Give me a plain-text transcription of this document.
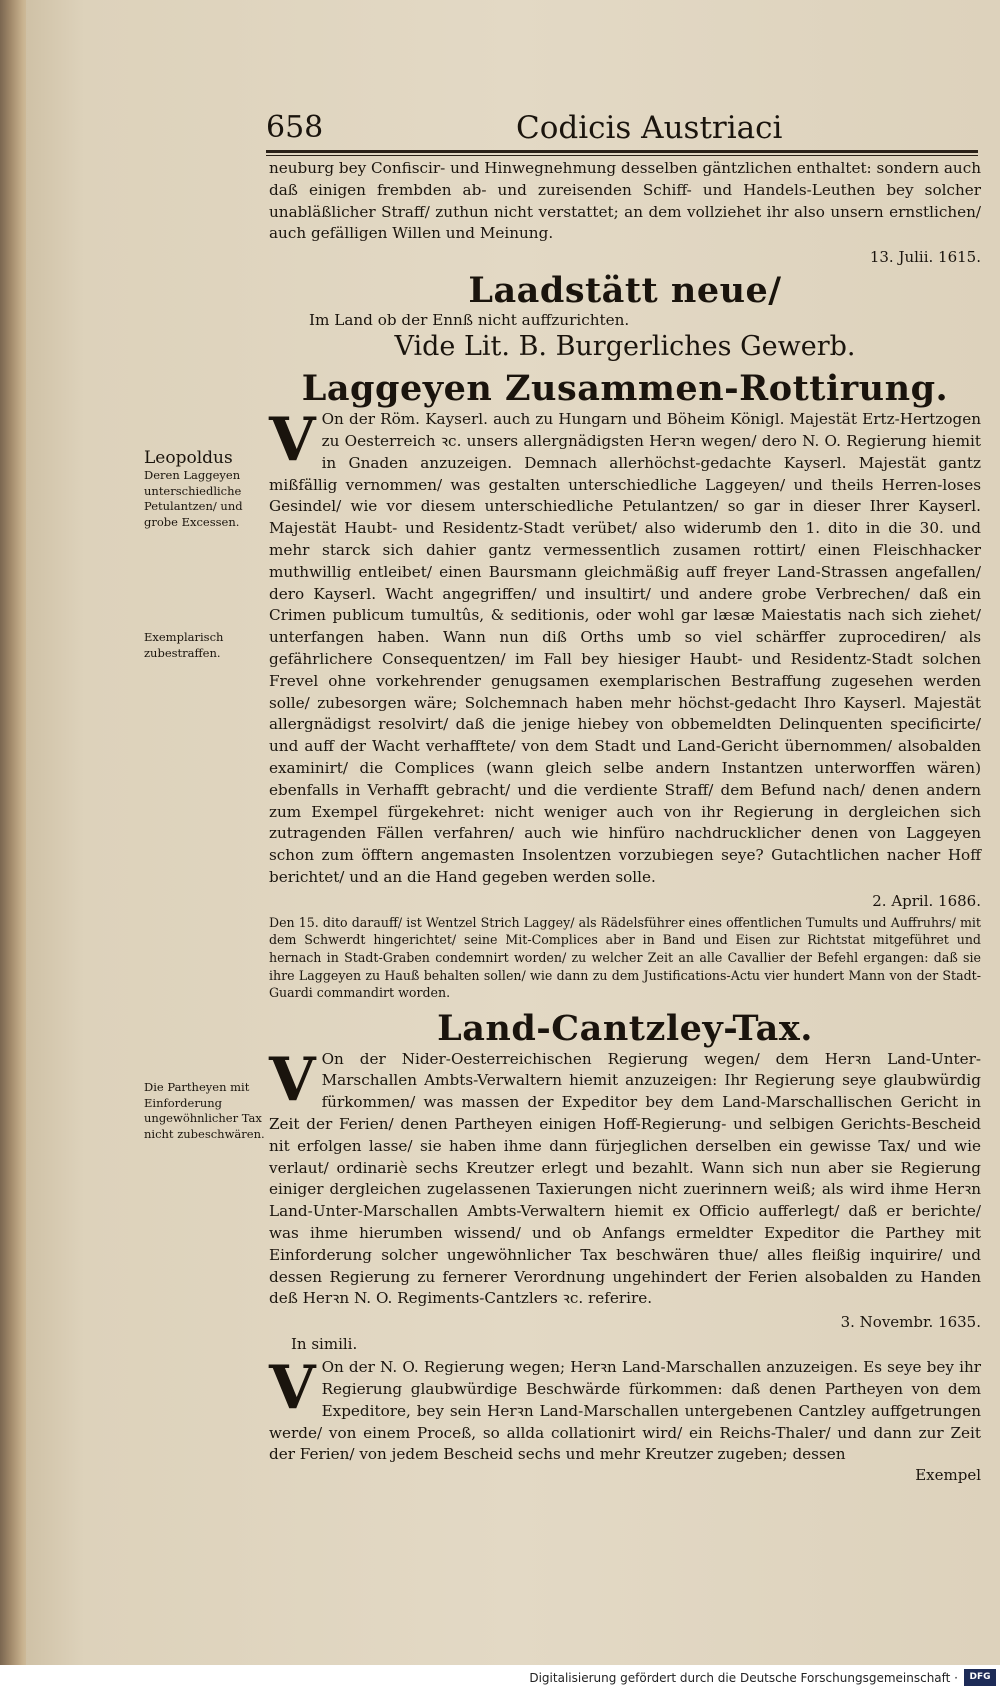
658	Codicis Austriaci
Leopoldus
Deren Laggeyen unterschiedliche Petulantzen/ und grobe Excessen.
Exemplarisch zubestraffen.
Die Partheyen mit Einforderung ungewöhnlicher Tax nicht zubeschwären.

neuburg bey Confiscir- und Hinwegnehmung desselben gäntzlichen enthaltet: sondern auch daß einigen frembden ab- und zureisenden Schiff- und Handels-Leuthen bey solcher unabläßlicher Straff/ zuthun nicht verstattet; an dem vollziehet ihr also unsern ernstlichen/ auch gefälligen Willen und Meinung.

13. Julii. 1615.

Laadstätt neue/

Im Land ob der Ennß nicht auffzurichten.

Vide Lit. B. Burgerliches Gewerb.

Laggeyen Zusammen-Rottirung.
V On der Röm. Kayserl. auch zu Hungarn und Böheim Königl. Majestät Ertz-Hertzogen zu Oesterreich ꝛc. unsers allergnädigsten Herꝛn wegen/ dero N. O. Regierung hiemit in Gnaden anzuzeigen. Demnach allerhöchst-gedachte Kayserl. Majestät gantz mißfällig vernommen/ was gestalten unterschiedliche Laggeyen/ und theils Herren-loses Gesindel/ wie vor diesem unterschiedliche Petulantzen/ so gar in dieser Ihrer Kayserl. Majestät Haubt- und Residentz-Stadt verübet/ also widerumb den 1. dito in die 30. und mehr starck sich dahier gantz vermessentlich zusamen rottirt/ einen Fleischhacker muthwillig entleibet/ einen Baursmann gleichmäßig auff freyer Land-Strassen angefallen/ dero Kayserl. Wacht angegriffen/ und insultirt/ und andere grobe Verbrechen/ daß ein Crimen publicum tumultûs, & seditionis, oder wohl gar læsæ Maiestatis nach sich ziehet/ unterfangen haben. Wann nun diß Orths umb so viel schärffer zuprocediren/ als gefährlichere Consequentzen/ im Fall bey hiesiger Haubt- und Residentz-Stadt solchen Frevel ohne vorkehrender genugsamen exemplarischen Bestraffung zugesehen werden solle/ zubesorgen wäre; Solchemnach haben mehr höchst-gedacht Ihro Kayserl. Majestät allergnädigst resolvirt/ daß die jenige hiebey von obbemeldten Delinquenten specificirte/ und auff der Wacht verhafftete/ von dem Stadt und Land-Gericht übernommen/ alsobalden examinirt/ die Complices (wann gleich selbe andern Instantzen unterworffen wären) ebenfalls in Verhafft gebracht/ und die verdiente Straff/ dem Befund nach/ denen andern zum Exempel fürgekehret: nicht weniger auch von ihr Regierung in dergleichen sich zutragenden Fällen verfahren/ auch wie hinfüro nachdrucklicher denen von Laggeyen schon zum öfftern angemasten Insolentzen vorzubiegen seye? Gutachtlichen nacher Hoff berichtet/ und an die Hand gegeben werden solle.

2. April. 1686.

Den 15. dito darauff/ ist Wentzel Strich Laggey/ als Rädelsführer eines offentlichen Tumults und Auffruhrs/ mit dem Schwerdt hingerichtet/ seine Mit-Complices aber in Band und Eisen zur Richtstat mitgeführet und hernach in Stadt-Graben condemnirt worden/ zu welcher Zeit an alle Cavallier der Befehl ergangen: daß sie ihre Laggeyen zu Hauß behalten sollen/ wie dann zu dem Justifications-Actu vier hundert Mann von der Stadt-Guardi commandirt worden.

Land-Cantzley-Tax.
V On der Nider-Oesterreichischen Regierung wegen/ dem Herꝛn Land-Unter-Marschallen Ambts-Verwaltern hiemit anzuzeigen: Ihr Regierung seye glaubwürdig fürkommen/ was massen der Expeditor bey dem Land-Marschallischen Gericht in Zeit der Ferien/ denen Partheyen einigen Hoff-Regierung- und selbigen Gerichts-Bescheid nit erfolgen lasse/ sie haben ihme dann fürjeglichen derselben ein gewisse Tax/ und wie verlaut/ ordinariè sechs Kreutzer erlegt und bezahlt. Wann sich nun aber sie Regierung einiger dergleichen zugelassenen Taxierungen nicht zuerinnern weiß; als wird ihme Herꝛn Land-Unter-Marschallen Ambts-Verwaltern hiemit ex Officio aufferlegt/ daß er berichte/ was ihme hierumben wissend/ und ob Anfangs ermeldter Expeditor die Parthey mit Einforderung solcher ungewöhnlicher Tax beschwären thue/ alles fleißig inquirire/ und dessen Regierung zu fernerer Verordnung ungehindert der Ferien alsobalden zu Handen deß Herꝛn N. O. Regiments-Cantzlers ꝛc. referire.

3. Novembr. 1635.

In simili.

V On der N. O. Regierung wegen; Herꝛn Land-Marschallen anzuzeigen. Es seye bey ihr Regierung glaubwürdige Beschwärde fürkommen: daß denen Partheyen von dem Expeditore, bey sein Herꝛn Land-Marschallen untergebenen Cantzley auffgetrungen werde/ von einem Proceß, so allda collationirt wird/ ein Reichs-Thaler/ und dann zur Zeit der Ferien/ von jedem Bescheid sechs und mehr Kreutzer zugeben; dessen

Exempel

Digitalisierung gefördert durch die Deutsche Forschungsgemeinschaft ·	DFG
